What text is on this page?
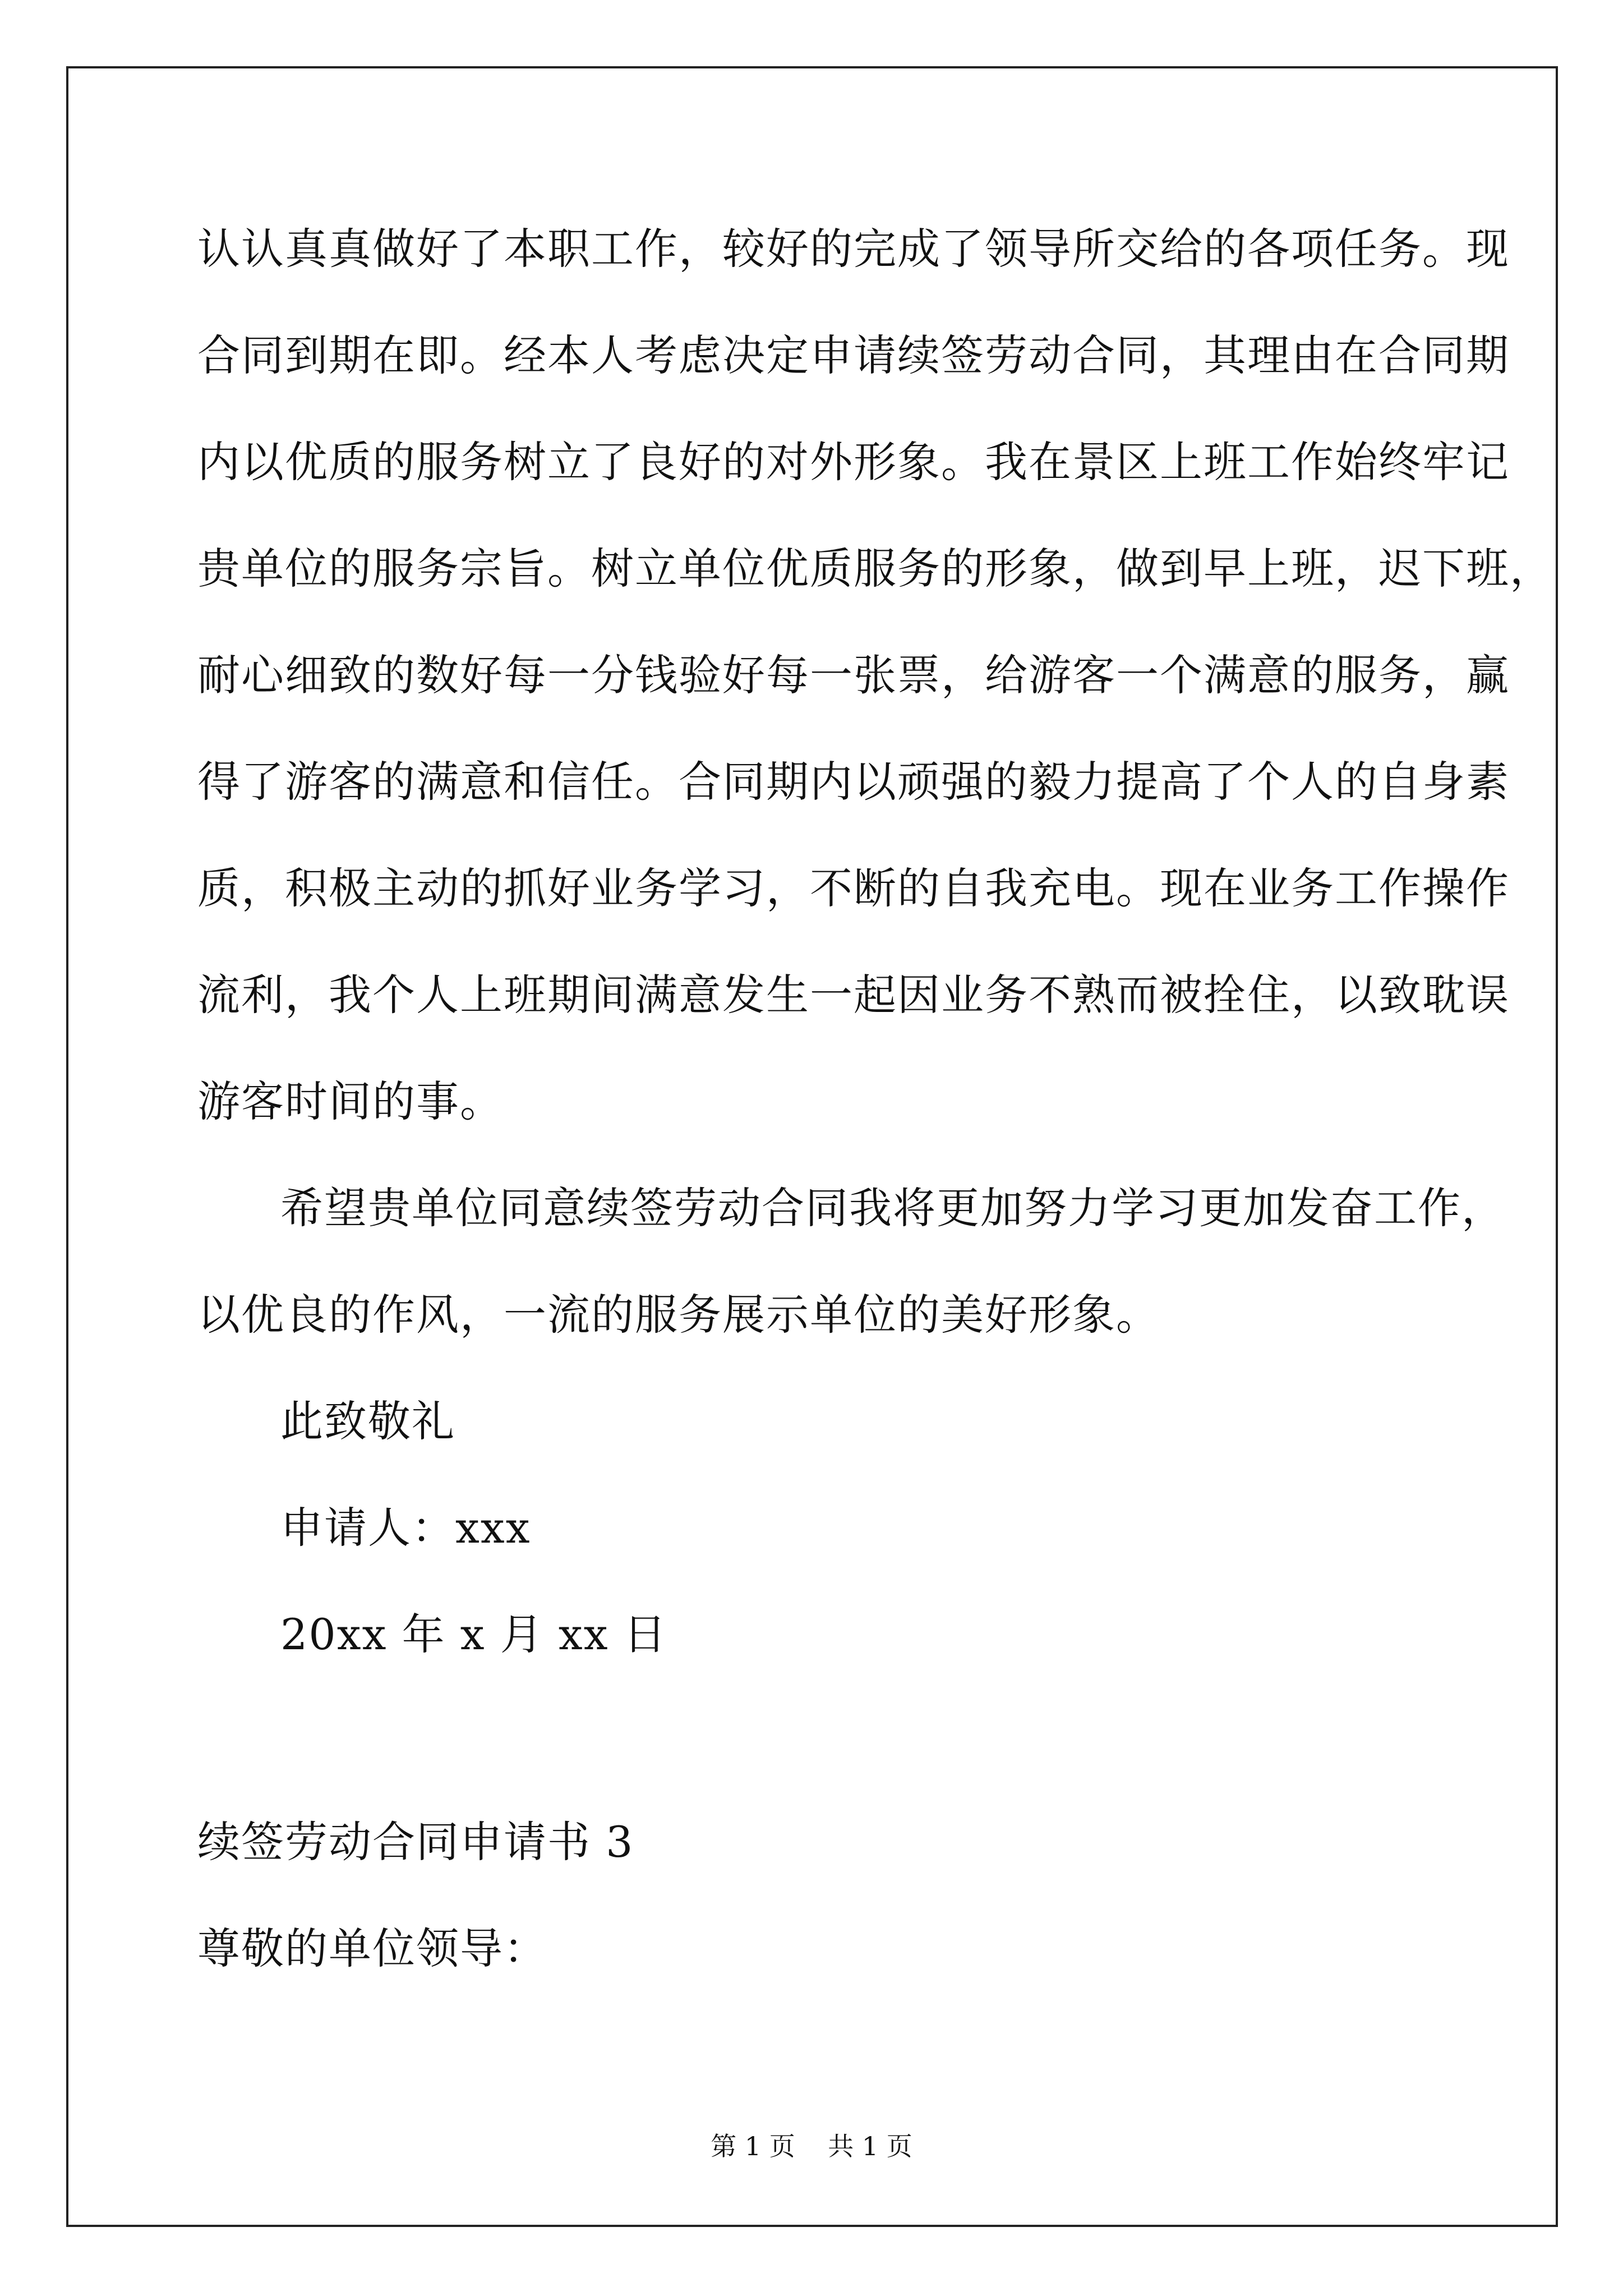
认认真真做好了本职工作，较好的完成了领导所交给的各项任务。现
合同到期在即。经本人考虑决定申请续签劳动合同，其理由在合同期
内以优质的服务树立了良好的对外形象。我在景区上班工作始终牢记
贵单位的服务宗旨。树立单位优质服务的形象，做到早上班，迟下班，
耐心细致的数好每一分钱验好每一张票，给游客一个满意的服务，赢
得了游客的满意和信任。合同期内以顽强的毅力提高了个人的自身素
质，积极主动的抓好业务学习，不断的自我充电。现在业务工作操作
流利，我个人上班期间满意发生一起因业务不熟而被拴住，以致耽误
游客时间的事。
希望贵单位同意续签劳动合同我将更加努力学习更加发奋工作，
以优良的作风，一流的服务展示单位的美好形象。
此致敬礼
申请人：xxx
20xx 年 x 月 xx 日
续签劳动合同申请书 3
尊敬的单位领导：
第 1 页    共 1 页
